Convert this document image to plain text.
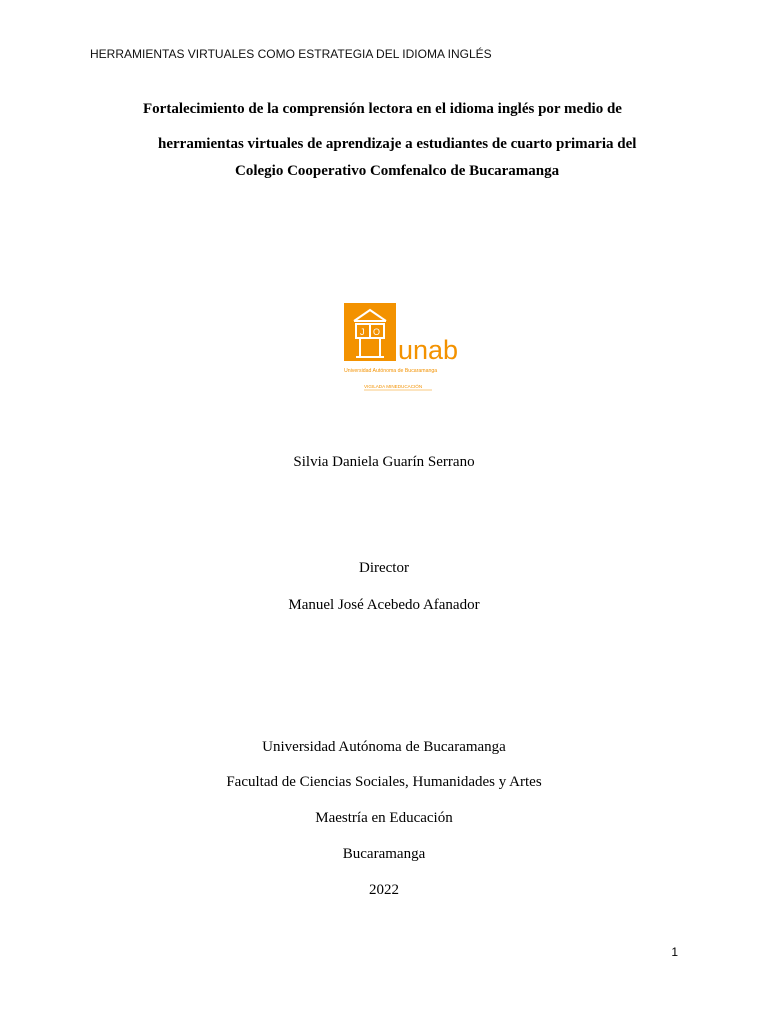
HERRAMIENTAS VIRTUALES COMO ESTRATEGIA DEL IDIOMA INGLÉS
Fortalecimiento de la comprensión lectora en el idioma inglés por medio de
herramientas virtuales de aprendizaje a estudiantes de cuarto primaria del
Colegio Cooperativo Comfenalco de Bucaramanga
J O
unab
Universidad Autónoma de Bucaramanga
VIGILADA MINEDUCACIÓN
Silvia Daniela Guarín Serrano
Director
Manuel José Acebedo Afanador
Universidad Autónoma de Bucaramanga
Facultad de Ciencias Sociales, Humanidades y Artes
Maestría en Educación
Bucaramanga
2022
1
